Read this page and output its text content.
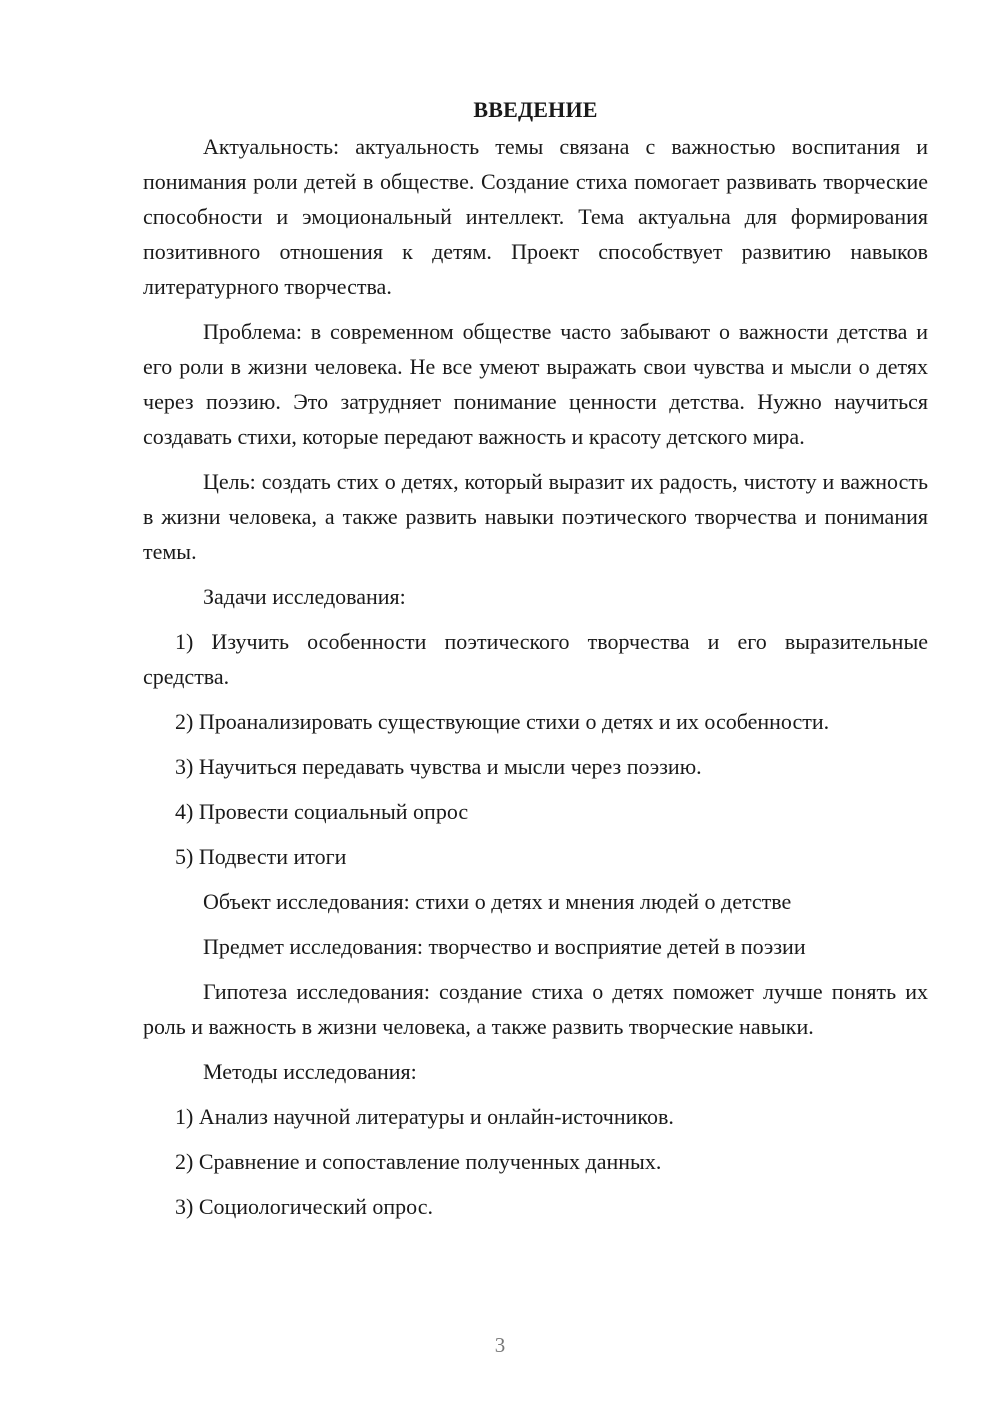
ВВЕДЕНИЕ

Актуальность: актуальность темы связана с важностью воспитания и понимания роли детей в обществе. Создание стиха помогает развивать творческие способности и эмоциональный интеллект. Тема актуальна для формирования позитивного отношения к детям. Проект способствует развитию навыков литературного творчества.

Проблема: в современном обществе часто забывают о важности детства и его роли в жизни человека. Не все умеют выражать свои чувства и мысли о детях через поэзию. Это затрудняет понимание ценности детства. Нужно научиться создавать стихи, которые передают важность и красоту детского мира.

Цель: создать стих о детях, который выразит их радость, чистоту и важность в жизни человека, а также развить навыки поэтического творчества и понимания темы.

Задачи исследования:

1) Изучить особенности поэтического творчества и его выразительные средства.

2) Проанализировать существующие стихи о детях и их особенности.

3) Научиться передавать чувства и мысли через поэзию.

4) Провести социальный опрос

5) Подвести итоги

Объект исследования: стихи о детях и мнения людей о детстве

Предмет исследования: творчество и восприятие детей в поэзии

Гипотеза исследования: создание стиха о детях поможет лучше понять их роль и важность в жизни человека, а также развить творческие навыки.

Методы исследования:

1) Анализ научной литературы и онлайн-источников.

2) Сравнение и сопоставление полученных данных.

3) Социологический опрос.

3
